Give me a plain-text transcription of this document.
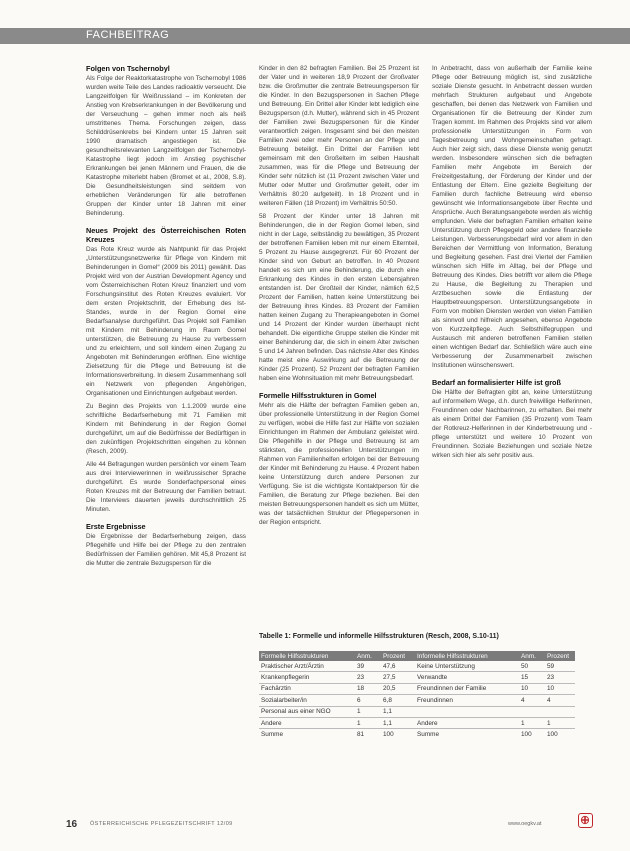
FACHBEITRAG
Folgen von Tschernobyl

Als Folge der Reaktorkatastrophe von Tschernobyl 1986 wurden weite Teile des Landes radioaktiv verseucht. Die Langzeitfolgen für Weißrussland – im Konkreten der Anstieg von Krebserkrankungen in der Bevölkerung und der Verseuchung – gehen immer noch als heiß umstrittenes Thema. Forschungen zeigen, dass Schilddrüsenkrebs bei Kindern unter 15 Jahren seit 1990 dramatisch angestiegen ist. Die gesundheitsrelevanten Langzeitfolgen der Tschernobyl-Katastrophe liegt jedoch im Anstieg psychischer Erkrankungen bei jenen Männern und Frauen, die die Katastrophe miterlebt haben (Bromet et al., 2008, S.8). Die Gesundheitsleistungen sind seitdem von erheblichen Veränderungen für alle betroffenen Gruppen der Kinder unter 18 Jahren mit einer Behinderung.

Neues Projekt des Österreichischen Roten Kreuzes

Das Rote Kreuz wurde als Nahtpunkt für das Projekt „Unterstützungsnetzwerke für Pflege von Kindern mit Behinderungen in Gomel“ (2009 bis 2011) gewählt. Das Projekt wird von der Austrian Development Agency und vom Österreichischen Roten Kreuz finanziert und vom Forschungsinstitut des Roten Kreuzes evaluiert. Vor dem ersten Projektschritt, der Erhebung des Ist-Standes, wurde in der Region Gomel eine Bedarfsanalyse durchgeführt. Das Projekt soll Familien mit Kindern mit Behinderung im Raum Gomel unterstützen, die Betreuung zu Hause zu verbessern und zu erleichtern, und soll kindern einen Zugang zu Angeboten mit Behinderungen eröffnen. Eine wichtige Zielsetzung für die Pflege und Betreuung ist die Informationsverbreitung. In diesem Zusammenhang soll ein Netzwerk von pflegenden Angehörigen, Organisationen und Einrichtungen aufgebaut werden.

Zu Beginn des Projekts von 1.1.2009 wurde eine schriftliche Bedarfserhebung mit 71 Familien mit Kindern mit Behinderung in der Region Gomel durchgeführt, um auf die Bedürfnisse der Bedürftigen in den zukünftigen Projektschritten eingehen zu können (Resch, 2009).

Alle 44 Befragungen wurden persönlich vor einem Team aus drei Interviewerinnen in weißrussischer Sprache durchgeführt. Es wurde Sonderfachpersonal eines Roten Kreuzes mit der Betreuung der Familien betraut. Die Interviews dauerten jeweils durchschnittlich 25 Minuten.

Erste Ergebnisse

Die Ergebnisse der Bedarfserhebung zeigen, dass Pflegehilfe und Hilfe bei der Pflege zu den zentralen Bedürfnissen der Familien gehören. Mit 45,8 Prozent ist die Mutter die zentrale Bezugsperson für die

Kinder in den 82 befragten Familien. Bei 25 Prozent ist der Vater und in weiteren 18,9 Prozent der Großvater bzw. die Großmutter die zentrale Betreuungsperson für die Kinder. In den Bezugspersonen in Sachen Pflege und Betreuung. Ein Drittel aller Kinder lebt lediglich eine Bezugsperson (d.h. Mutter), während sich in 45 Prozent der Familien zwei Bezugspersonen für die Kinder verantwortlich zeigen. Insgesamt sind bei den meisten Familien zwei oder mehr Personen an der Pflege und Betreuung beteiligt. Ein Drittel der Familien lebt gemeinsam mit den Großeltern im selben Haushalt zusammen, was für die Pflege und Betreuung der Kinder sehr nützlich ist (11 Prozent zwischen Vater und Mutter oder Mutter und Großmutter geteilt, oder im Verhältnis 80:20 aufgeteilt). In 18 Prozent und in weiteren Fällen (18 Prozent) im Verhältnis 50:50.

58 Prozent der Kinder unter 18 Jahren mit Behinderungen, die in der Region Gomel leben, sind nicht in der Lage, selbständig zu bewältigen, 35 Prozent der betroffenen Familien leben mit nur einem Elternteil, 5 Prozent zu Hause ausgegrenzt. Für 60 Prozent der Kinder sind von Geburt an betroffen. In 40 Prozent handelt es sich um eine Behinderung, die durch eine Erkrankung des Kindes in den ersten Lebensjahren entstanden ist. Der Großteil der Kinder, nämlich 62,5 Prozent der Familien, hatten keine Unterstützung bei der Betreuung ihres Kindes. 83 Prozent der Familien hatten keinen Zugang zu Therapieangeboten in Gomel und 14 Prozent der Kinder wurden überhaupt nicht behandelt. Die eigentliche Gruppe stellen die Kinder mit einer Behinderung dar, die sich in einem Alter zwischen 5 und 14 Jahren befinden. Das nächste Alter des Kindes hatte meist eine Auswirkung auf die Betreuung der Kinder (25 Prozent). 52 Prozent der befragten Familien haben eine Wohnsituation mit mehr Betreuungsbedarf.

Formelle Hilfsstrukturen in Gomel

Mehr als die Hälfte der befragten Familien geben an, über professionelle Unterstützung in der Region Gomel zu verfügen, wobei die Hilfe fast zur Hälfte von sozialen Einrichtungen im Rahmen der Ambulanz geleistet wird. Die Pflegehilfe in der Pflege und Betreuung ist am stärksten, die professionellen Unterstützungen im Rahmen von Familienhelfen erfolgen bei der Betreuung der Kinder mit Behinderung zu Hause. 4 Prozent haben keine Unterstützung durch andere Personen zur Verfügung. Sie ist die wichtigste Kontaktperson für die Familien, die Beratung zur Pflege beziehen. Bei den meisten Betreuungspersonen handelt es sich um Mütter, was der tatsächlichen Struktur der Pflegepersonen in der Region entspricht.

In Anbetracht, dass von außerhalb der Familie keine Pflege oder Betreuung möglich ist, sind zusätzliche soziale Dienste gesucht. In Anbetracht dessen wurden mehrfach Strukturen aufgebaut und Angebote geschaffen, bei denen das Netzwerk von Familien und Organisationen für die Betreuung der Kinder zum Tragen kommt. Im Rahmen des Projekts sind vor allem professionelle Unterstützungen in Form von Tagesbetreuung und Wohngemeinschaften gefragt. Auch hier zeigt sich, dass diese Dienste wenig genutzt werden. Insbesondere wünschen sich die befragten Familien mehr Angebote im Bereich der Freizeitgestaltung, der Förderung der Kinder und der Entlastung der Eltern. Eine gezielte Begleitung der Familien durch fachliche Betreuung wird ebenso gewünscht wie Informationsangebote über Rechte und Ansprüche. Auch Beratungsangebote werden als wichtig empfunden. Viele der befragten Familien erhalten keine Unterstützung durch Pflegegeld oder andere finanzielle Leistungen. Verbesserungsbedarf wird vor allem in den Bereichen der Vermittlung von Information, Beratung und Begleitung gesehen. Fast drei Viertel der Familien wünschen sich Hilfe im Alltag, bei der Pflege und Betreuung des Kindes. Dies betrifft vor allem die Pflege zu Hause, die Begleitung zu Therapien und Arztbesuchen sowie die Entlastung der Hauptbetreuungsperson. Unterstützungsangebote in Form von mobilen Diensten werden von vielen Familien als sinnvoll und hilfreich angesehen, ebenso Angebote von Kurzzeitpflege. Auch Selbsthilfegruppen und Austausch mit anderen betroffenen Familien stellen einen wichtigen Bedarf dar. Schließlich wäre auch eine Verbesserung der Zusammenarbeit zwischen Institutionen wünschenswert.

Bedarf an formalisierter Hilfe ist groß

Die Hälfte der Befragten gibt an, keine Unterstützung auf informellem Wege, d.h. durch freiwillige Helferinnen, Freundinnen oder Nachbarinnen, zu erhalten. Bei mehr als einem Drittel der Familien (35 Prozent) vom Team der Rotkreuz-Helferinnen in der Kinderbetreuung und -pflege unterstützt und weitere 10 Prozent von Freundinnen. Soziale Beziehungen und soziale Netze wirken sich hier als sehr positiv aus.

Tabelle 1: Formelle und informelle Hilfsstrukturen (Resch, 2008, S.10-11)
Formelle Hilfsstrukturen	Anm.	Prozent		Informelle Hilfsstrukturen	Anm.	Prozent
Praktischer Arzt/Ärztin	39	47,6		Keine Unterstützung	50	59
Krankenpflegerin	23	27,5		Verwandte	15	23
Fachärztin	18	20,5		Freundinnen der Familie	10	10
Sozialarbeiter/in	6	6,8		Freundinnen	4	4
Personal aus einer NGO	1	1,1				
Andere	1	1,1		Andere	1	1
Summe	81	100		Summe	100	100
16 ÖSTERREICHISCHE PFLEGEZEITSCHRIFT 12/09	www.oegkv.at
